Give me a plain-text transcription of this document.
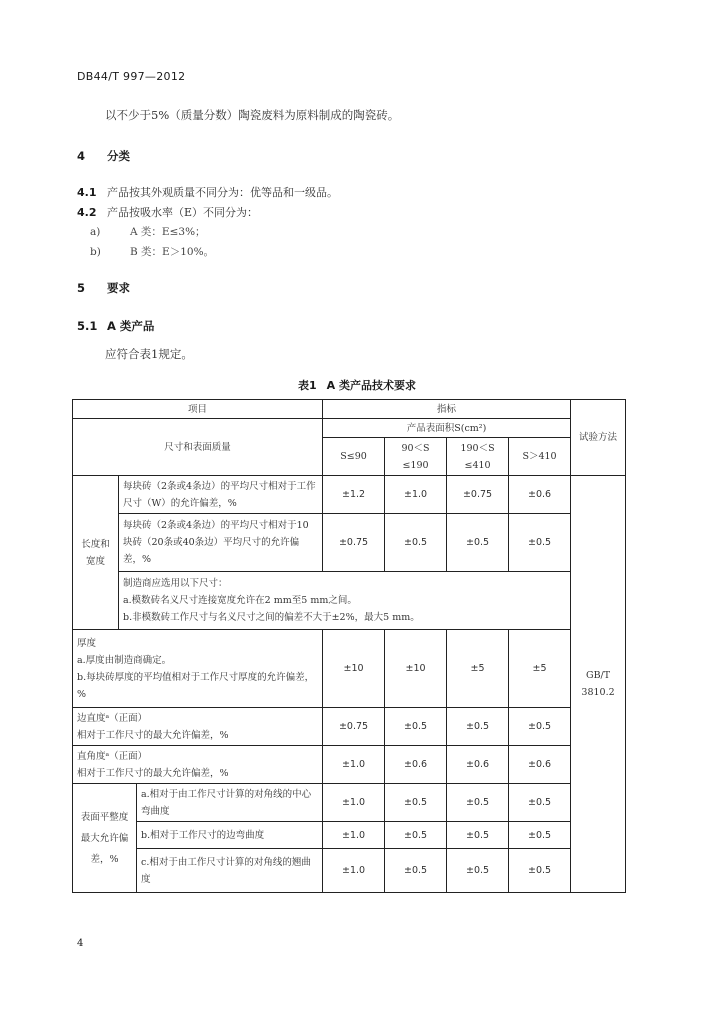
DB44/T 997—2012
以不少于5%（质量分数）陶瓷废料为原料制成的陶瓷砖。
4 分类
4.1 产品按其外观质量不同分为：优等品和一级品。
4.2 产品按吸水率（E）不同分为：
a)	A 类：E≤3%；
b)	B 类：E＞10%。
5 要求
5.1 A 类产品
应符合表1规定。
表1 A 类产品技术要求
项目			指标				试验方法
尺寸和表面质量			产品表面积S(cm²)				
			S≤90	90＜S ≤190	190＜S ≤410	S＞410	
长度和宽度	每块砖（2条或4条边）的平均尺寸相对于工作尺寸（W）的允许偏差，%		±1.2	±1.0	±0.75	±0.6	GB/T 3810.2
	每块砖（2条或4条边）的平均尺寸相对于10块砖（20条或40条边）平均尺寸的允许偏差，%		±0.75	±0.5	±0.5	±0.5	

	制造商应选用以下尺寸：
a.模数砖名义尺寸连接宽度允许在2 mm至5 mm之间。
b.非模数砖工作尺寸与名义尺寸之间的偏差不大于±2%，最大5 mm。						

厚度
a.厚度由制造商确定。
b.每块砖厚度的平均值相对于工作尺寸厚度的允许偏差，%			±10	±10	±5	±5	

边直度ᵃ（正面）
相对于工作尺寸的最大允许偏差，%			±0.75	±0.5	±0.5	±0.5	

直角度ᵃ（正面）
相对于工作尺寸的最大允许偏差，%			±1.0	±0.6	±0.6	±0.6	
表面平整度最大允许偏差，%		a.相对于由工作尺寸计算的对角线的中心弯曲度	±1.0	±0.5	±0.5	±0.5	
		b.相对于工作尺寸的边弯曲度	±1.0	±0.5	±0.5	±0.5	
		c.相对于由工作尺寸计算的对角线的翘曲度	±1.0	±0.5	±0.5	±0.5	
4
